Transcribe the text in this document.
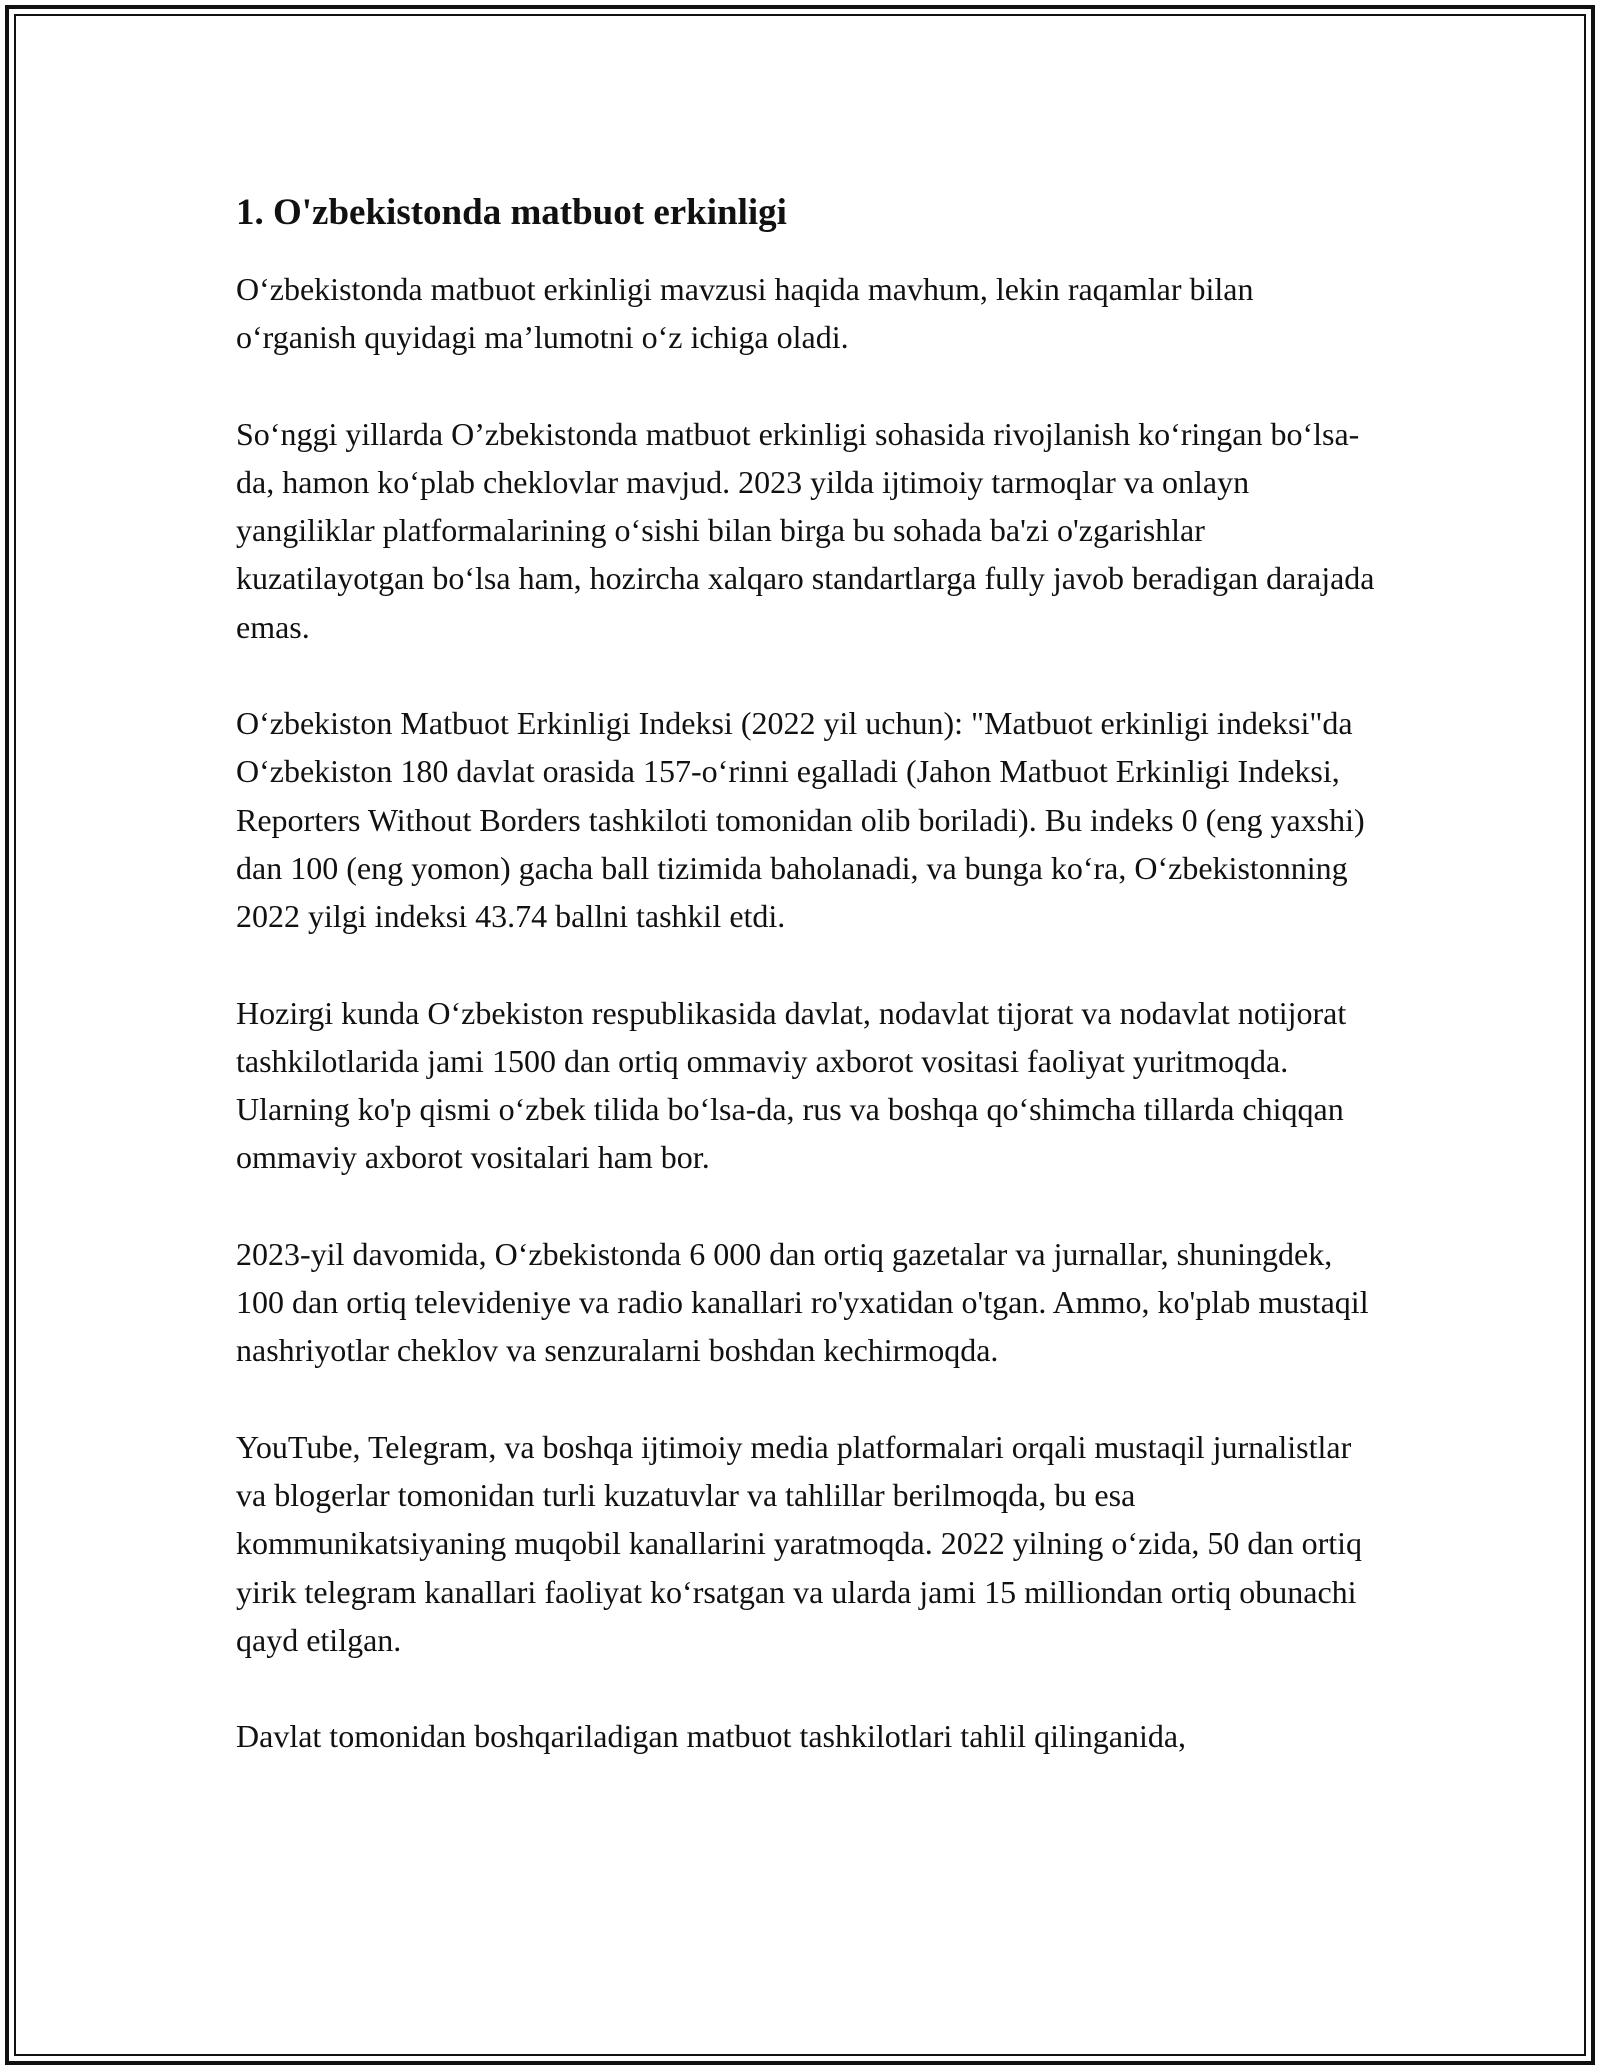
1. O'zbekistonda matbuot erkinligi

O‘zbekistonda matbuot erkinligi mavzusi haqida mavhum, lekin raqamlar bilan o‘rganish quyidagi ma’lumotni o‘z ichiga oladi.

So‘nggi yillarda O’zbekistonda matbuot erkinligi sohasida rivojlanish ko‘ringan bo‘lsa-da, hamon ko‘plab cheklovlar mavjud. 2023 yilda ijtimoiy tarmoqlar va onlayn yangiliklar platformalarining o‘sishi bilan birga bu sohada ba'zi o'zgarishlar kuzatilayotgan bo‘lsa ham, hozircha xalqaro standartlarga fully javob beradigan darajada emas.

O‘zbekiston Matbuot Erkinligi Indeksi (2022 yil uchun): "Matbuot erkinligi indeksi"da O‘zbekiston 180 davlat orasida 157-o‘rinni egalladi (Jahon Matbuot Erkinligi Indeksi, Reporters Without Borders tashkiloti tomonidan olib boriladi). Bu indeks 0 (eng yaxshi) dan 100 (eng yomon) gacha ball tizimida baholanadi, va bunga ko‘ra, O‘zbekistonning 2022 yilgi indeksi 43.74 ballni tashkil etdi.

Hozirgi kunda O‘zbekiston respublikasida davlat, nodavlat tijorat va nodavlat notijorat tashkilotlarida jami 1500 dan ortiq ommaviy axborot vositasi faoliyat yuritmoqda. Ularning ko'p qismi o‘zbek tilida bo‘lsa-da, rus va boshqa qo‘shimcha tillarda chiqqan ommaviy axborot vositalari ham bor.

2023-yil davomida, O‘zbekistonda 6 000 dan ortiq gazetalar va jurnallar, shuningdek, 100 dan ortiq televideniye va radio kanallari ro'yxatidan o'tgan. Ammo, ko'plab mustaqil nashriyotlar cheklov va senzuralarni boshdan kechirmoqda.

YouTube, Telegram, va boshqa ijtimoiy media platformalari orqali mustaqil jurnalistlar va blogerlar tomonidan turli kuzatuvlar va tahlillar berilmoqda, bu esa kommunikatsiyaning muqobil kanallarini yaratmoqda. 2022 yilning o‘zida, 50 dan ortiq yirik telegram kanallari faoliyat ko‘rsatgan va ularda jami 15 milliondan ortiq obunachi qayd etilgan.

Davlat tomonidan boshqariladigan matbuot tashkilotlari tahlil qilinganida,
